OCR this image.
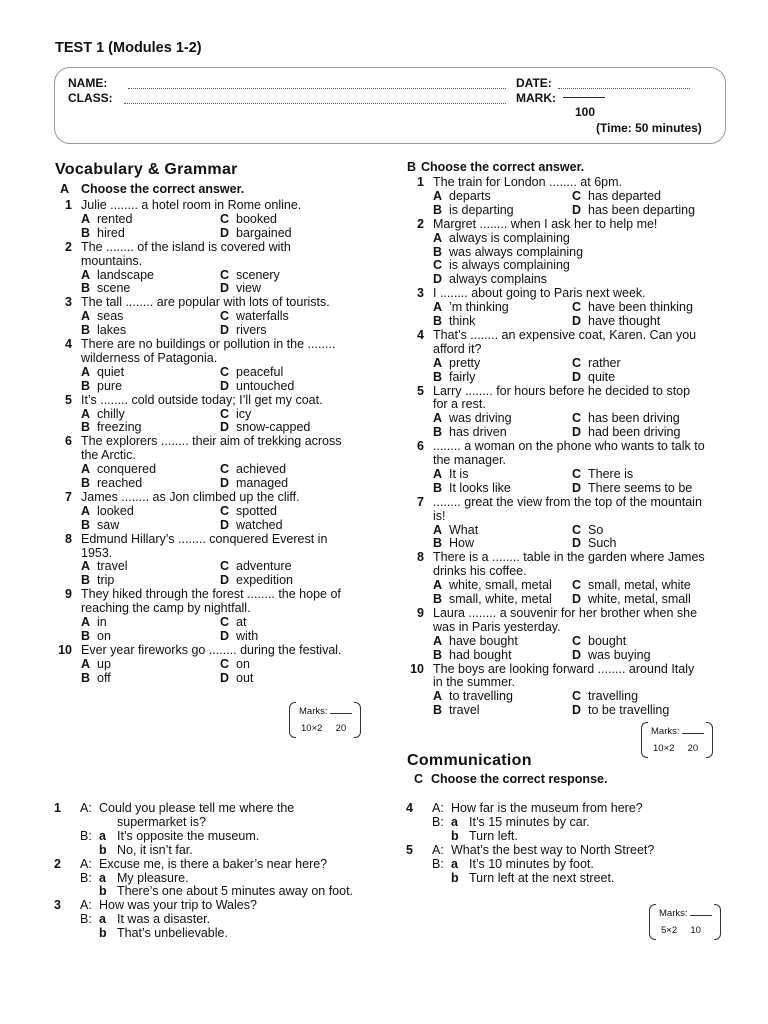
TEST 1 (Modules 1-2)
NAME:
CLASS:
DATE:
MARK:
100
(Time: 50 minutes)
Vocabulary & Grammar
A Choose the correct answer.
1 Julie ........ a hotel room in Rome online.
A rented	C booked
B hired	D bargained
2 The ........ of the island is covered with
mountains.
A landscape	C scenery
B scene	D view
3 The tall ........ are popular with lots of tourists.
A seas	C waterfalls
B lakes	D rivers
4 There are no buildings or pollution in the ........
wilderness of Patagonia.
A quiet	C peaceful
B pure	D untouched
5 It’s ........ cold outside today; I’ll get my coat.
A chilly	C icy
B freezing	D snow-capped
6 The explorers ........ their aim of trekking across
the Arctic.
A conquered	C achieved
B reached	D managed
7 James ........ as Jon climbed up the cliff.
A looked	C spotted
B saw	D watched
8 Edmund Hillary’s ........ conquered Everest in
1953.
A travel	C adventure
B trip	D expedition
9 They hiked through the forest ........ the hope of
reaching the camp by nightfall.
A in	C at
B on	D with
10 Ever year fireworks go ........ during the festival.
A up	C on
B off	D out
Marks:
10×2 20
B Choose the correct answer.
1 The train for London ........ at 6pm.
A departs	C has departed
B is departing	D has been departing
2 Margret ........ when I ask her to help me!
A always is complaining
B was always complaining
C is always complaining
D always complains
3 I ........ about going to Paris next week.
A ’m thinking	C have been thinking
B think	D have thought
4 That’s ........ an expensive coat, Karen. Can you
afford it?
A pretty	C rather
B fairly	D quite
5 Larry ........ for hours before he decided to stop
for a rest.
A was driving	C has been driving
B has driven	D had been driving
6 ........ a woman on the phone who wants to talk to
the manager.
A It is	C There is
B It looks like	D There seems to be
7 ........ great the view from the top of the mountain
is!
A What	C So
B How	D Such
8 There is a ........ table in the garden where James
drinks his coffee.
A white, small, metal C small, metal, white
B small, white, metal D white, metal, small
9 Laura ........ a souvenir for her brother when she
was in Paris yesterday.
A have bought	C bought
B had bought	D was buying
10 The boys are looking forward ........ around Italy
in the summer.
A to travelling	C travelling
B travel	D to be travelling
Marks:
10×2 20
Communication
C Choose the correct response.
1 A: Could you please tell me where the
supermarket is?
B: a It’s opposite the museum.
b No, it isn’t far.
2 A: Excuse me, is there a baker’s near here?
B: a My pleasure.
b There’s one about 5 minutes away on foot.
3 A: How was your trip to Wales?
B: a It was a disaster.
b That’s unbelievable.
4 A: How far is the museum from here?
B: a It’s 15 minutes by car.
b Turn left.
5 A: What’s the best way to North Street?
B: a It’s 10 minutes by foot.
b Turn left at the next street.
Marks:
5×2 10
